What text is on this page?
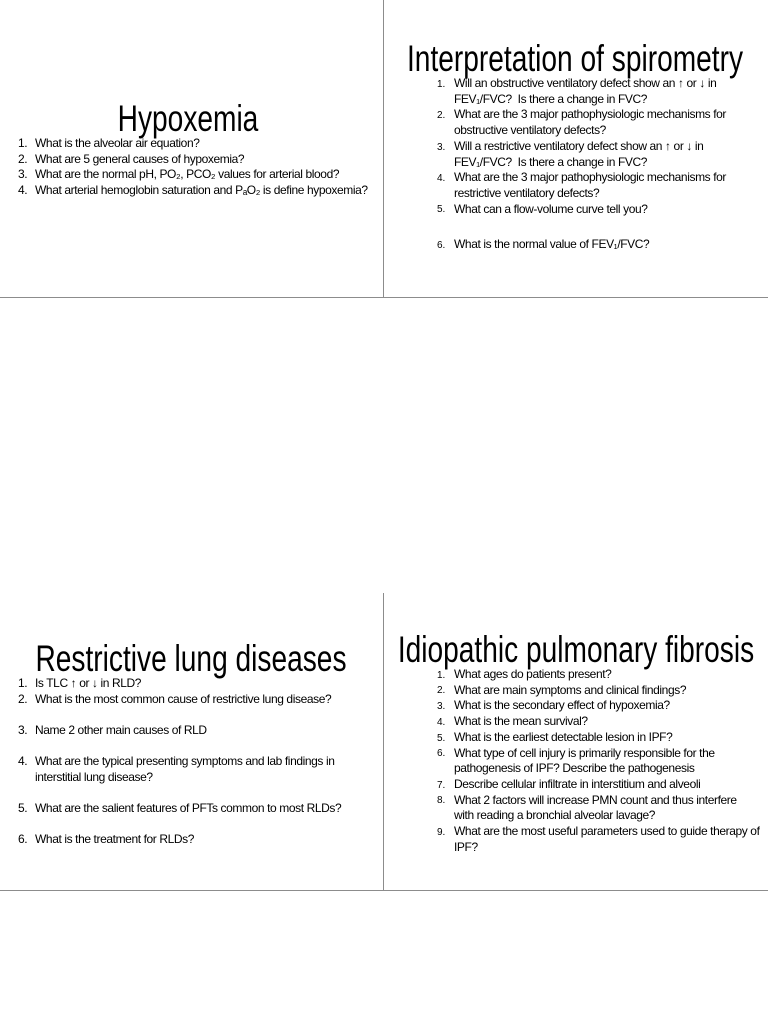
Hypoxemia
1. What is the alveolar air equation?
2. What are 5 general causes of hypoxemia?
3. What are the normal pH, PO₂, PCO₂ values for arterial blood?
4. What arterial hemoglobin saturation and PₐO₂ is define hypoxemia?
Interpretation of spirometry
1. Will an obstructive ventilatory defect show an ↑ or ↓ in
FEV₁/FVC?  Is there a change in FVC?
2. What are the 3 major pathophysiologic mechanisms for
obstructive ventilatory defects?
3. Will a restrictive ventilatory defect show an ↑ or ↓ in
FEV₁/FVC?  Is there a change in FVC?
4. What are the 3 major pathophysiologic mechanisms for
restrictive ventilatory defects?
5. What can a flow-volume curve tell you?
6. What is the normal value of FEV₁/FVC?
Restrictive lung diseases
1. Is TLC ↑ or ↓ in RLD?
2. What is the most common cause of restrictive lung disease?
3. Name 2 other main causes of RLD
4. What are the typical presenting symptoms and lab findings in
interstitial lung disease?
5. What are the salient features of PFTs common to most RLDs?
6. What is the treatment for RLDs?
Idiopathic pulmonary fibrosis
1. What ages do patients present?
2. What are main symptoms and clinical findings?
3. What is the secondary effect of hypoxemia?
4. What is the mean survival?
5. What is the earliest detectable lesion in IPF?
6. What type of cell injury is primarily responsible for the
pathogenesis of IPF? Describe the pathogenesis
7. Describe cellular infiltrate in interstitium and alveoli
8. What 2 factors will increase PMN count and thus interfere
with reading a bronchial alveolar lavage?
9. What are the most useful parameters used to guide therapy of
IPF?
